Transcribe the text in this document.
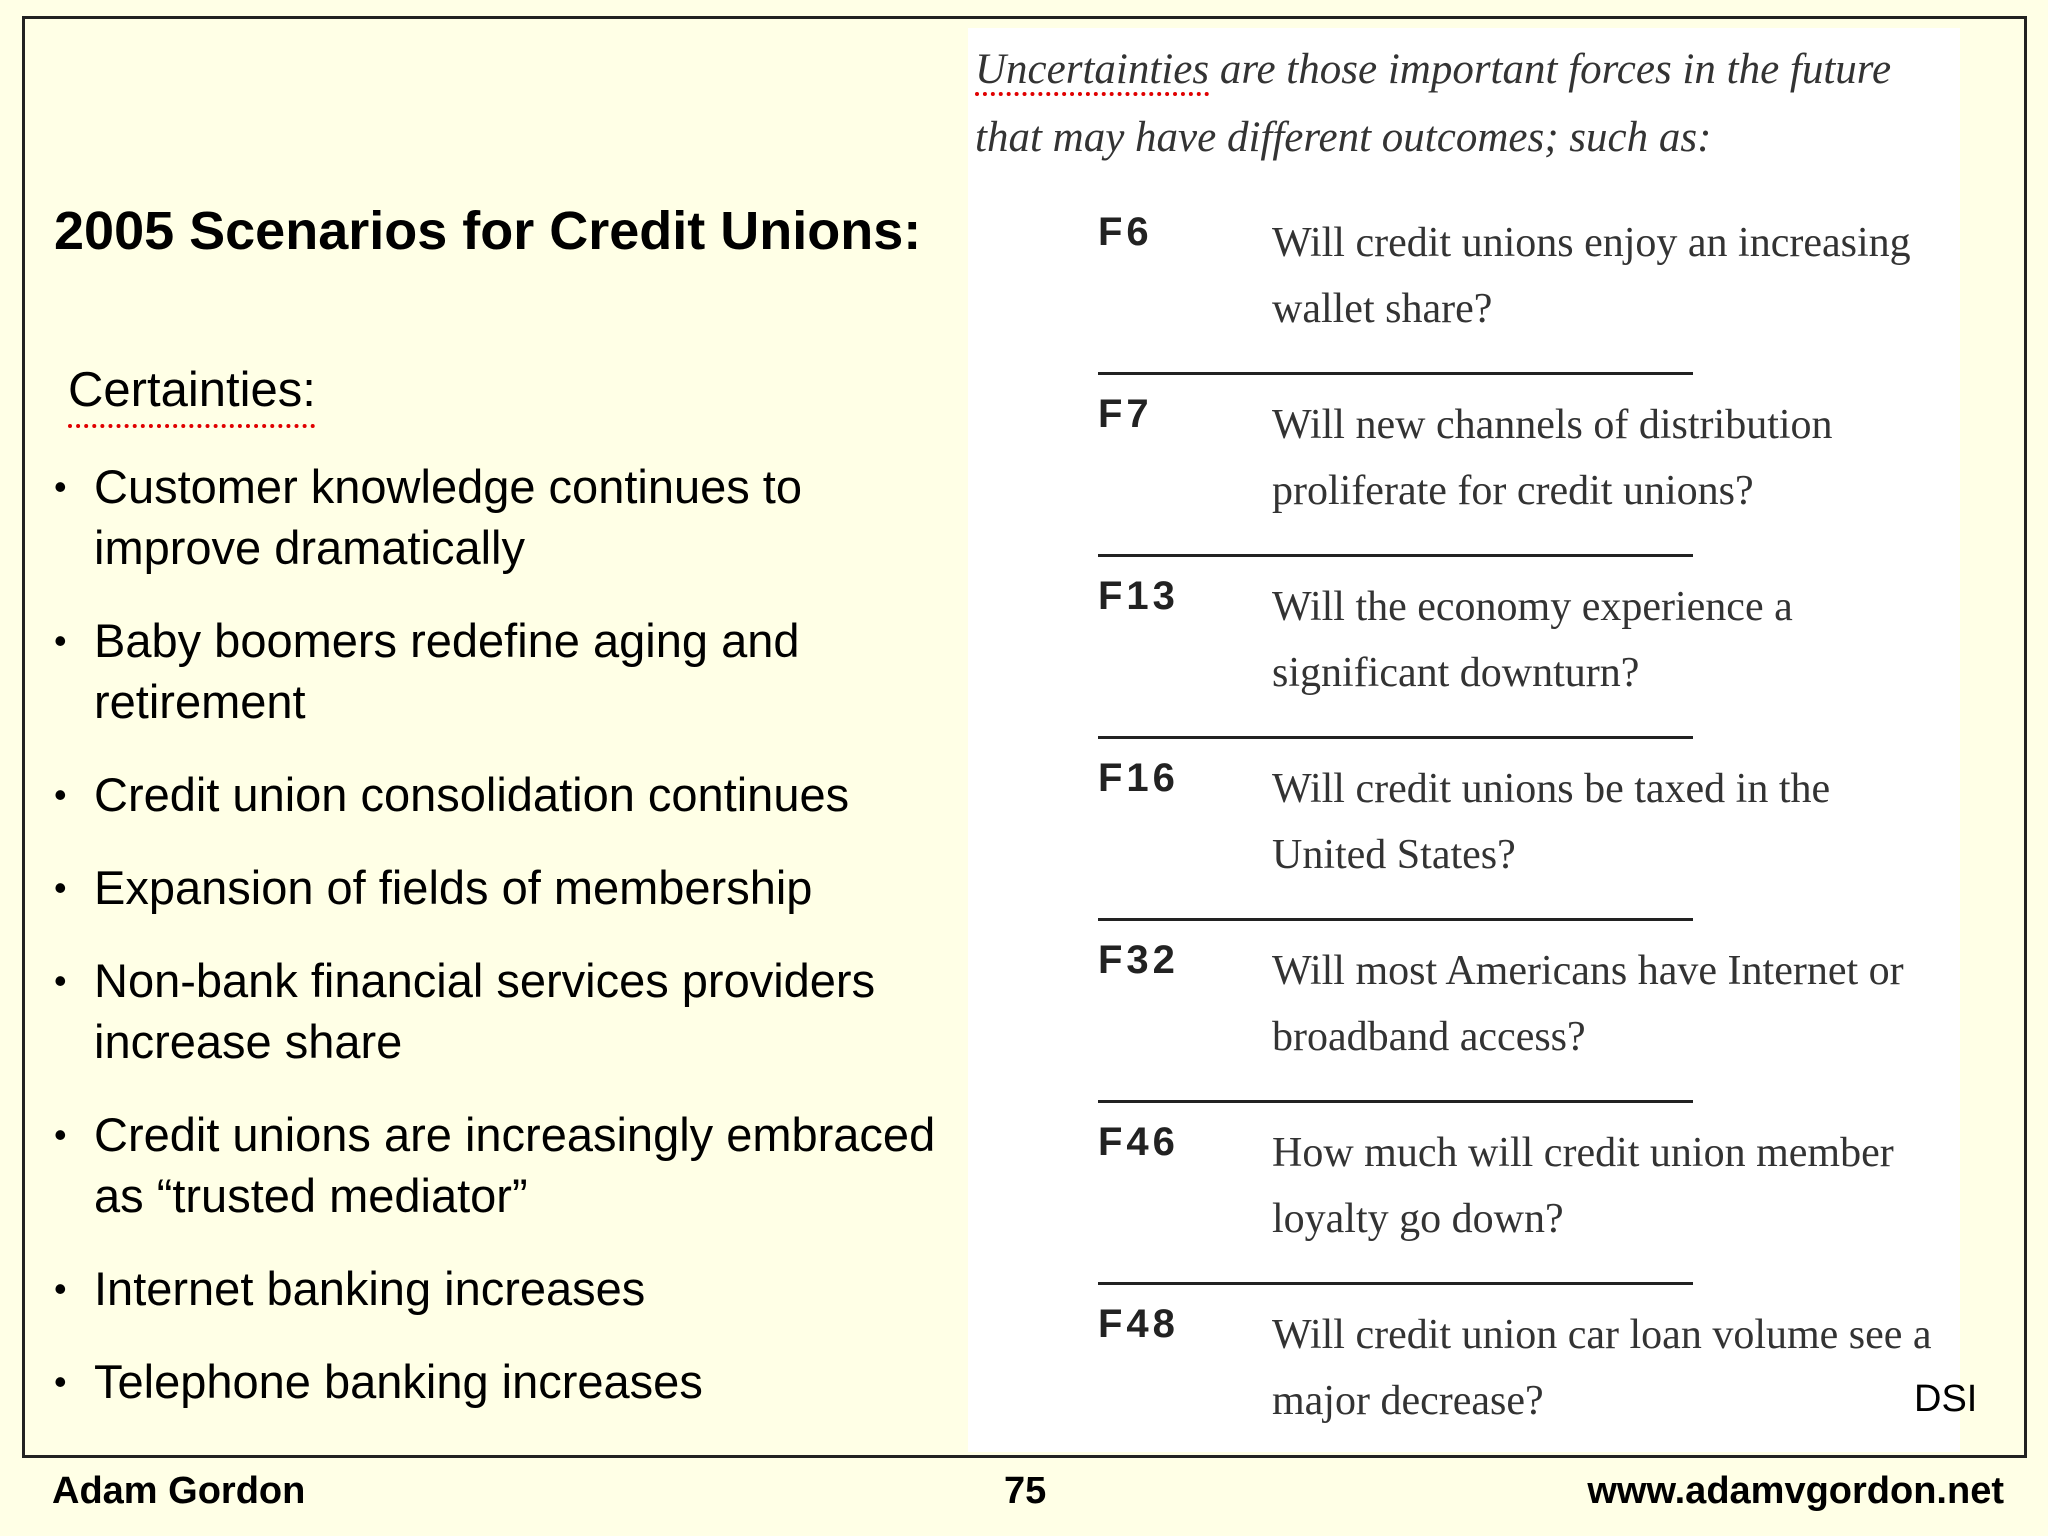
Uncertainties are those important forces in the future that may have different outcomes; such as:
2005 Scenarios for Credit Unions:
Certainties:
• Customer knowledge continues to improve dramatically
• Baby boomers redefine aging and retirement
• Credit union consolidation continues
• Expansion of fields of membership
• Non-bank financial services providers increase share
• Credit unions are increasingly embraced as “trusted mediator”
• Internet banking increases
• Telephone banking increases
F6	Will credit unions enjoy an increasing wallet share?
F7	Will new channels of distribution proliferate for credit unions?
F13 Will the economy experience a significant downturn?
F16 Will credit unions be taxed in the United States?
F32 Will most Americans have Internet or broadband access?
F46 How much will credit union member loyalty go down?
F48 Will credit union car loan volume see a major decrease?	DSI
Adam Gordon	75	www.adamvgordon.net
